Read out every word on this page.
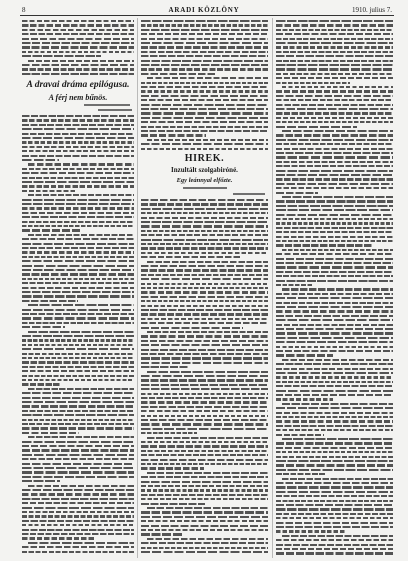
8	ARADI KÖZLÖNY	1910. julius 7.
A dravai dráma epilógusa.
A férj nem bűnös.
HIREK.
Inzultált szolgabiróné.
Egy leánnyal elfőzte.
